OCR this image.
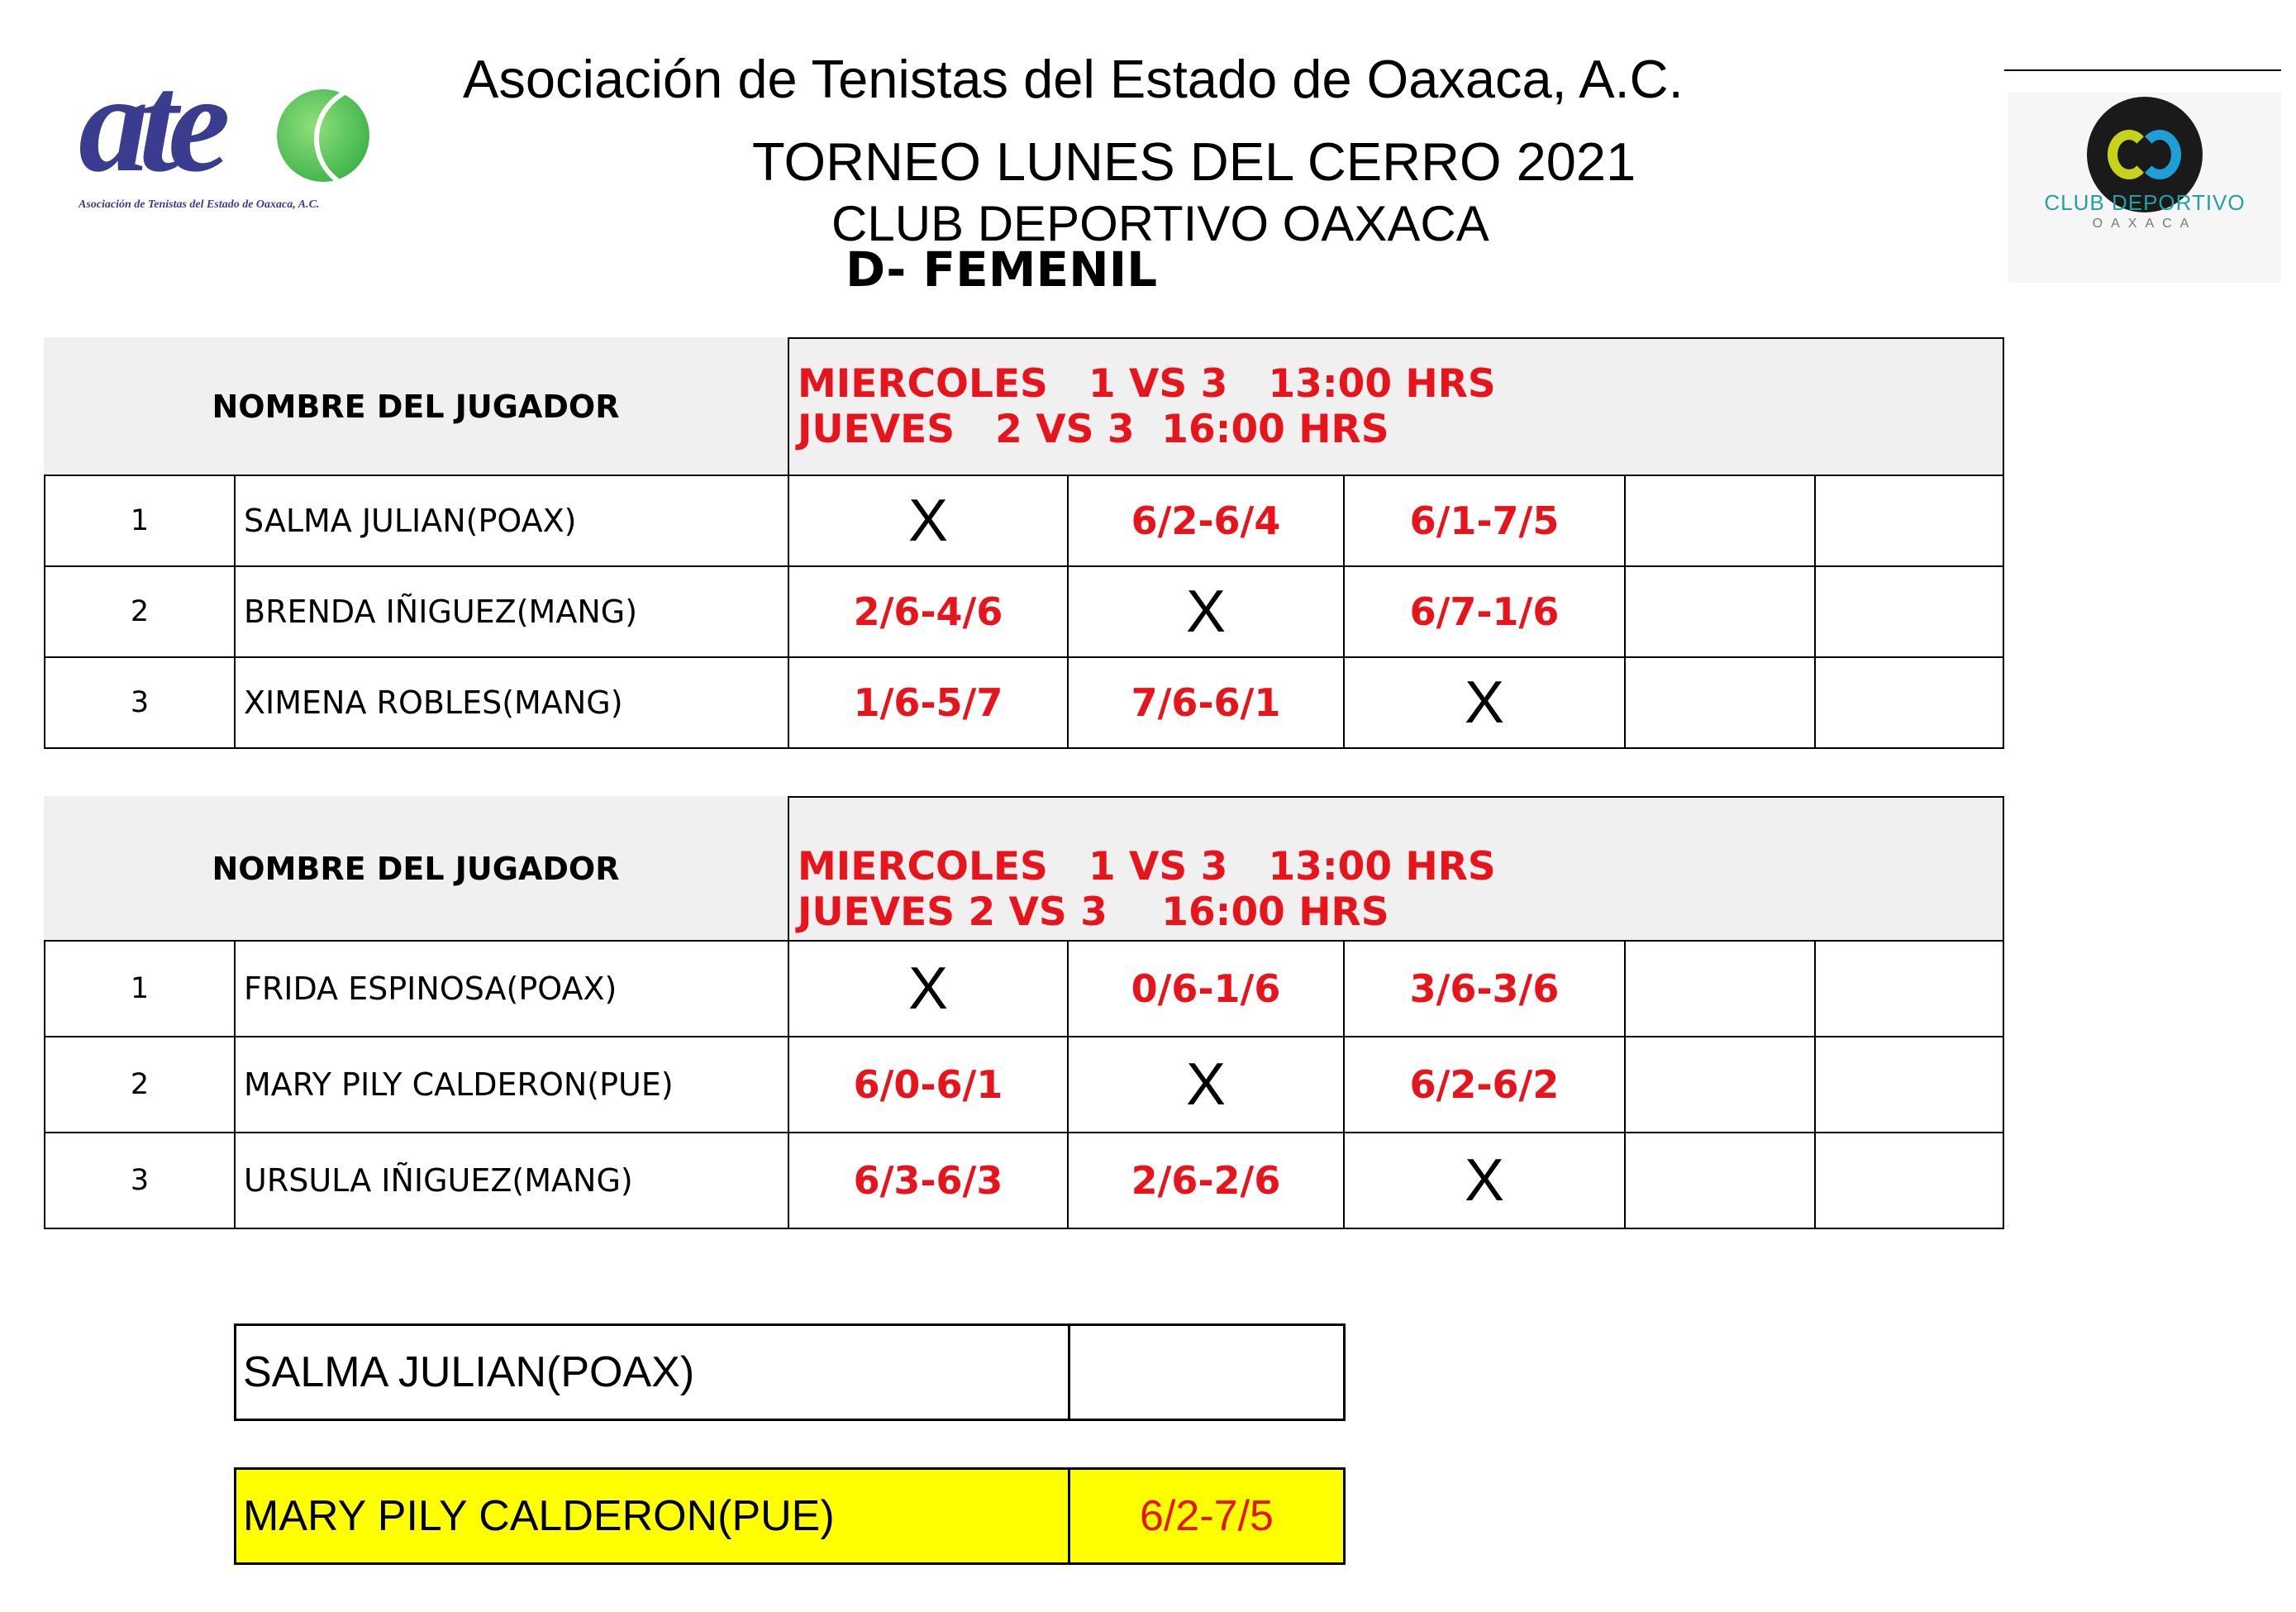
ate
Asociación de Tenistas del Estado de Oaxaca, A.C.
Asociación de Tenistas del Estado de Oaxaca, A.C.
TORNEO LUNES DEL CERRO 2021
CLUB DEPORTIVO OAXACA
D- FEMENIL
CLUB DEPORTIVO
OAXACA
NOMBRE DEL JUGADOR	MIERCOLES   1 VS 3   13:00 HRS
JUEVES   2 VS 3  16:00 HRS
1	SALMA JULIAN(POAX)	X	6/2-6/4	6/1-7/5
2	BRENDA IÑIGUEZ(MANG)	2/6-4/6	X	6/7-1/6
3	XIMENA ROBLES(MANG)	1/6-5/7	7/6-6/1	X
NOMBRE DEL JUGADOR	MIERCOLES   1 VS 3   13:00 HRS
JUEVES 2 VS 3    16:00 HRS
1	FRIDA ESPINOSA(POAX)	X	0/6-1/6	3/6-3/6
2	MARY PILY CALDERON(PUE)	6/0-6/1	X	6/2-6/2
3	URSULA IÑIGUEZ(MANG)	6/3-6/3	2/6-2/6	X
SALMA JULIAN(POAX)
MARY PILY CALDERON(PUE)	6/2-7/5
